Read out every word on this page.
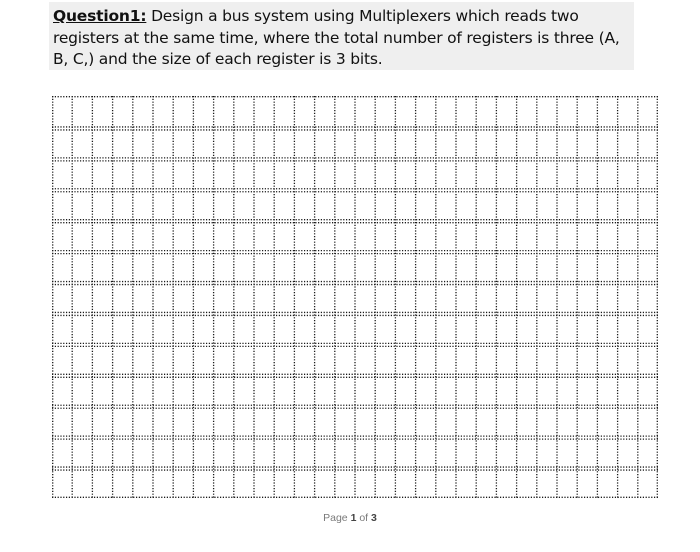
Question1: Design a bus system using Multiplexers which reads two registers at the same time, where the total number of registers is three (A, B, C,) and the size of each register is 3 bits.
Page 1 of 3
